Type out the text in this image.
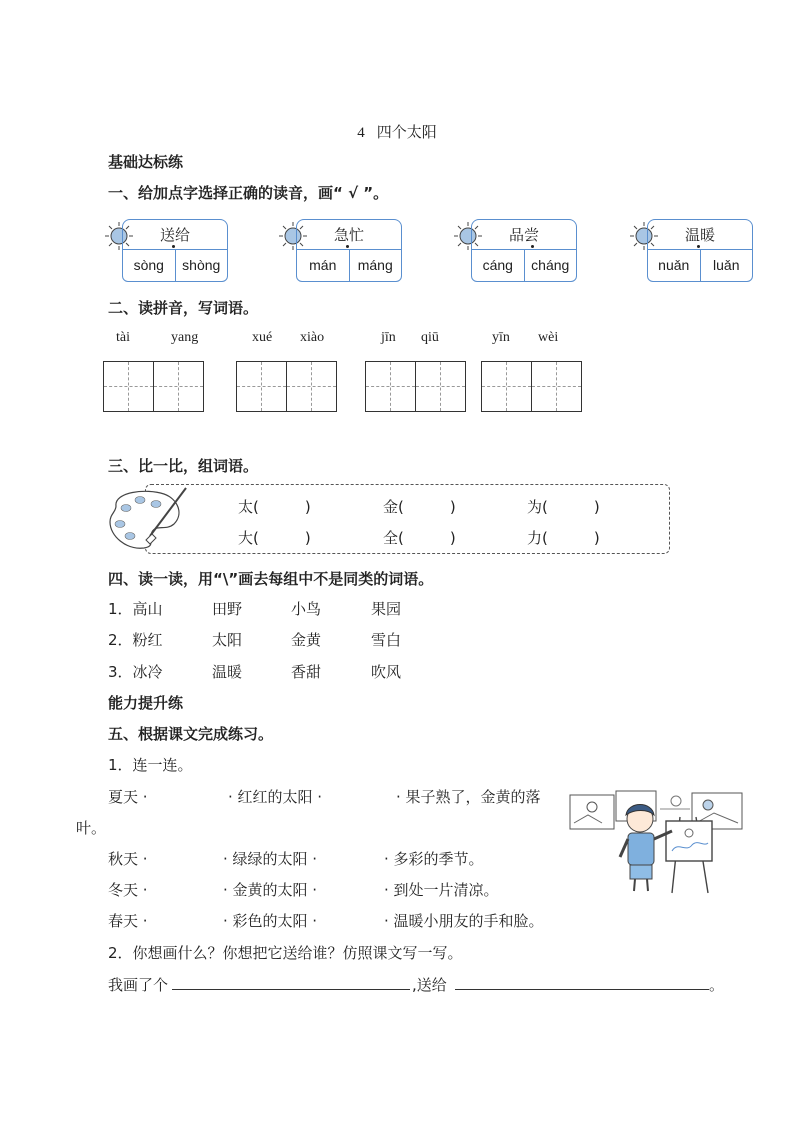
4 四个太阳
基础达标练
一、给加点字选择正确的读音，画“ √ ”。
送给
sòng	shòng
急忙
mán	máng
品尝
cáng	cháng
温暖
nuǎn	luǎn
二、读拼音，写词语。
tài	yang	xué xiào	jīn qiū	yīn wèi
三、比一比，组词语。
太(	)	金(	)	为(	)
大(	)	全(	)	力(	)
四、读一读，用“\”画去每组中不是同类的词语。
1．高山	田野	小鸟	果园
2．粉红	太阳	金黄	雪白
3．冰冷	温暖	香甜	吹风
能力提升练
五、根据课文完成练习。
1．连一连。
夏天 ·	· 红红的太阳 ·	· 果子熟了，金黄的落
叶。
秋天 ·	· 绿绿的太阳 ·	· 多彩的季节。
冬天 ·	· 金黄的太阳 ·	· 到处一片清凉。
春天 ·	· 彩色的太阳 ·	· 温暖小朋友的手和脸。
2．你想画什么？你想把它送给谁？仿照课文写一写。
我画了个	,送给	。
